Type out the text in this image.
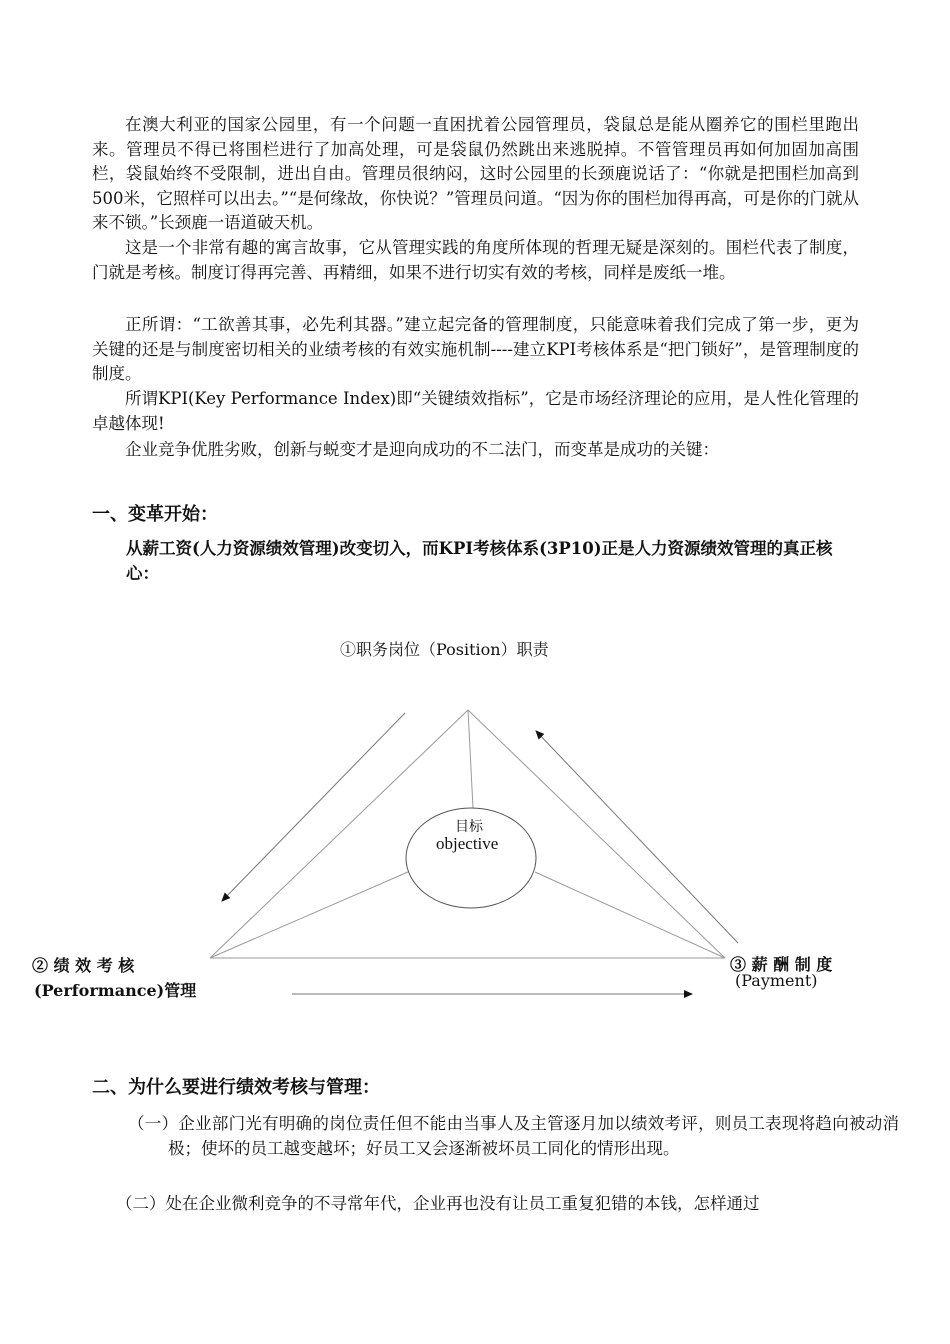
在澳大利亚的国家公园里，有一个问题一直困扰着公园管理员，袋鼠总是能从圈养它的围栏里跑出来。管理员不得已将围栏进行了加高处理，可是袋鼠仍然跳出来逃脱掉。不管管理员再如何加固加高围栏，袋鼠始终不受限制，进出自由。管理员很纳闷，这时公园里的长颈鹿说话了：“你就是把围栏加高到500米，它照样可以出去。”“是何缘故，你快说？”管理员问道。“因为你的围栏加得再高，可是你的门就从来不锁。”长颈鹿一语道破天机。

这是一个非常有趣的寓言故事，它从管理实践的角度所体现的哲理无疑是深刻的。围栏代表了制度，门就是考核。制度订得再完善、再精细，如果不进行切实有效的考核，同样是废纸一堆。

正所谓：“工欲善其事，必先利其器。”建立起完备的管理制度，只能意味着我们完成了第一步，更为关键的还是与制度密切相关的业绩考核的有效实施机制----建立KPI考核体系是“把门锁好”，是管理制度的制度。

所谓KPI(Key Performance Index)即“关键绩效指标”，它是市场经济理论的应用，是人性化管理的卓越体现!

企业竞争优胜劣败，创新与蜕变才是迎向成功的不二法门，而变革是成功的关键：

一、变革开始：

从薪工资(人力资源绩效管理)改变切入，而KPI考核体系(3P10)正是人力资源绩效管理的真正核心：

①职务岗位（Position）职责

目标

objective

② 绩 效 考 核

(Performance)管理

③ 薪 酬 制 度

(Payment)

二、为什么要进行绩效考核与管理：

（一）企业部门光有明确的岗位责任但不能由当事人及主管逐月加以绩效考评，则员工表现将趋向被动消极；使坏的员工越变越坏；好员工又会逐渐被坏员工同化的情形出现。

（二）处在企业微利竞争的不寻常年代，企业再也没有让员工重复犯错的本钱，怎样通过
